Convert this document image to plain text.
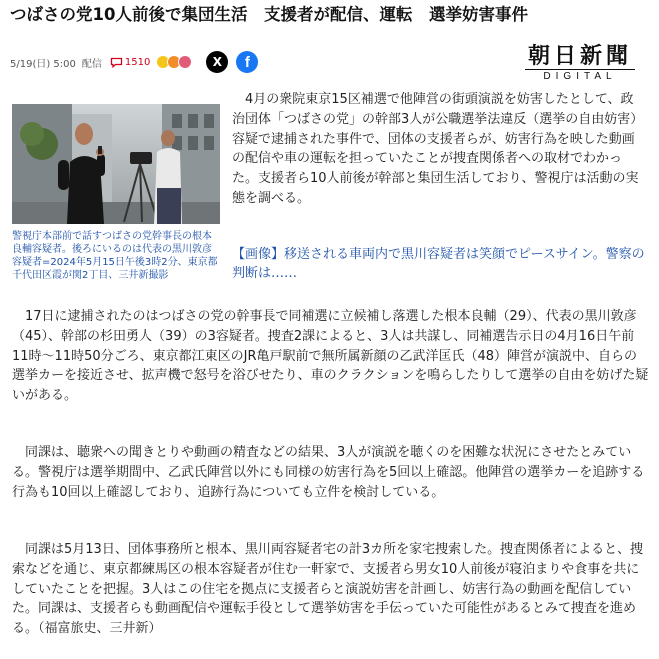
つばさの党10人前後で集団生活　支援者が配信、運転　選挙妨害事件
5/19(日) 5:00 配信 1510	X f	朝日新聞
DIGITAL
警視庁本部前で話すつばさの党幹事長の根本良輔容疑者。後ろにいるのは代表の黒川敦彦容疑者=2024年5月15日午後3時2分、東京都千代田区霞が関2丁目、三井新撮影

4月の衆院東京15区補選で他陣営の街頭演説を妨害したとして、政治団体「つばさの党」の幹部3人が公職選挙法違反（選挙の自由妨害）容疑で逮捕された事件で、団体の支援者らが、妨害行為を映した動画の配信や車の運転を担っていたことが捜査関係者への取材でわかった。支援者ら10人前後が幹部と集団生活しており、警視庁は活動の実態を調べる。

【画像】移送される車両内で黒川容疑者は笑顔でピースサイン。警察の判断は……

17日に逮捕されたのはつばさの党の幹事長で同補選に立候補し落選した根本良輔（29）、代表の黒川敦彦（45）、幹部の杉田勇人（39）の3容疑者。捜査2課によると、3人は共謀し、同補選告示日の4月16日午前11時～11時50分ごろ、東京都江東区のJR亀戸駅前で無所属新顔の乙武洋匡氏（48）陣営が演説中、自らの選挙カーを接近させ、拡声機で怒号を浴びせたり、車のクラクションを鳴らしたりして選挙の自由を妨げた疑いがある。

同課は、聴衆への聞きとりや動画の精査などの結果、3人が演説を聴くのを困難な状況にさせたとみている。警視庁は選挙期間中、乙武氏陣営以外にも同様の妨害行為を5回以上確認。他陣営の選挙カーを追跡する行為も10回以上確認しており、追跡行為についても立件を検討している。

同課は5月13日、団体事務所と根本、黒川両容疑者宅の計3カ所を家宅捜索した。捜査関係者によると、捜索などを通じ、東京都練馬区の根本容疑者が住む一軒家で、支援者ら男女10人前後が寝泊まりや食事を共にしていたことを把握。3人はこの住宅を拠点に支援者らと演説妨害を計画し、妨害行為の動画を配信していた。同課は、支援者らも動画配信や運転手役として選挙妨害を手伝っていた可能性があるとみて捜査を進める。（福富旅史、三井新）
